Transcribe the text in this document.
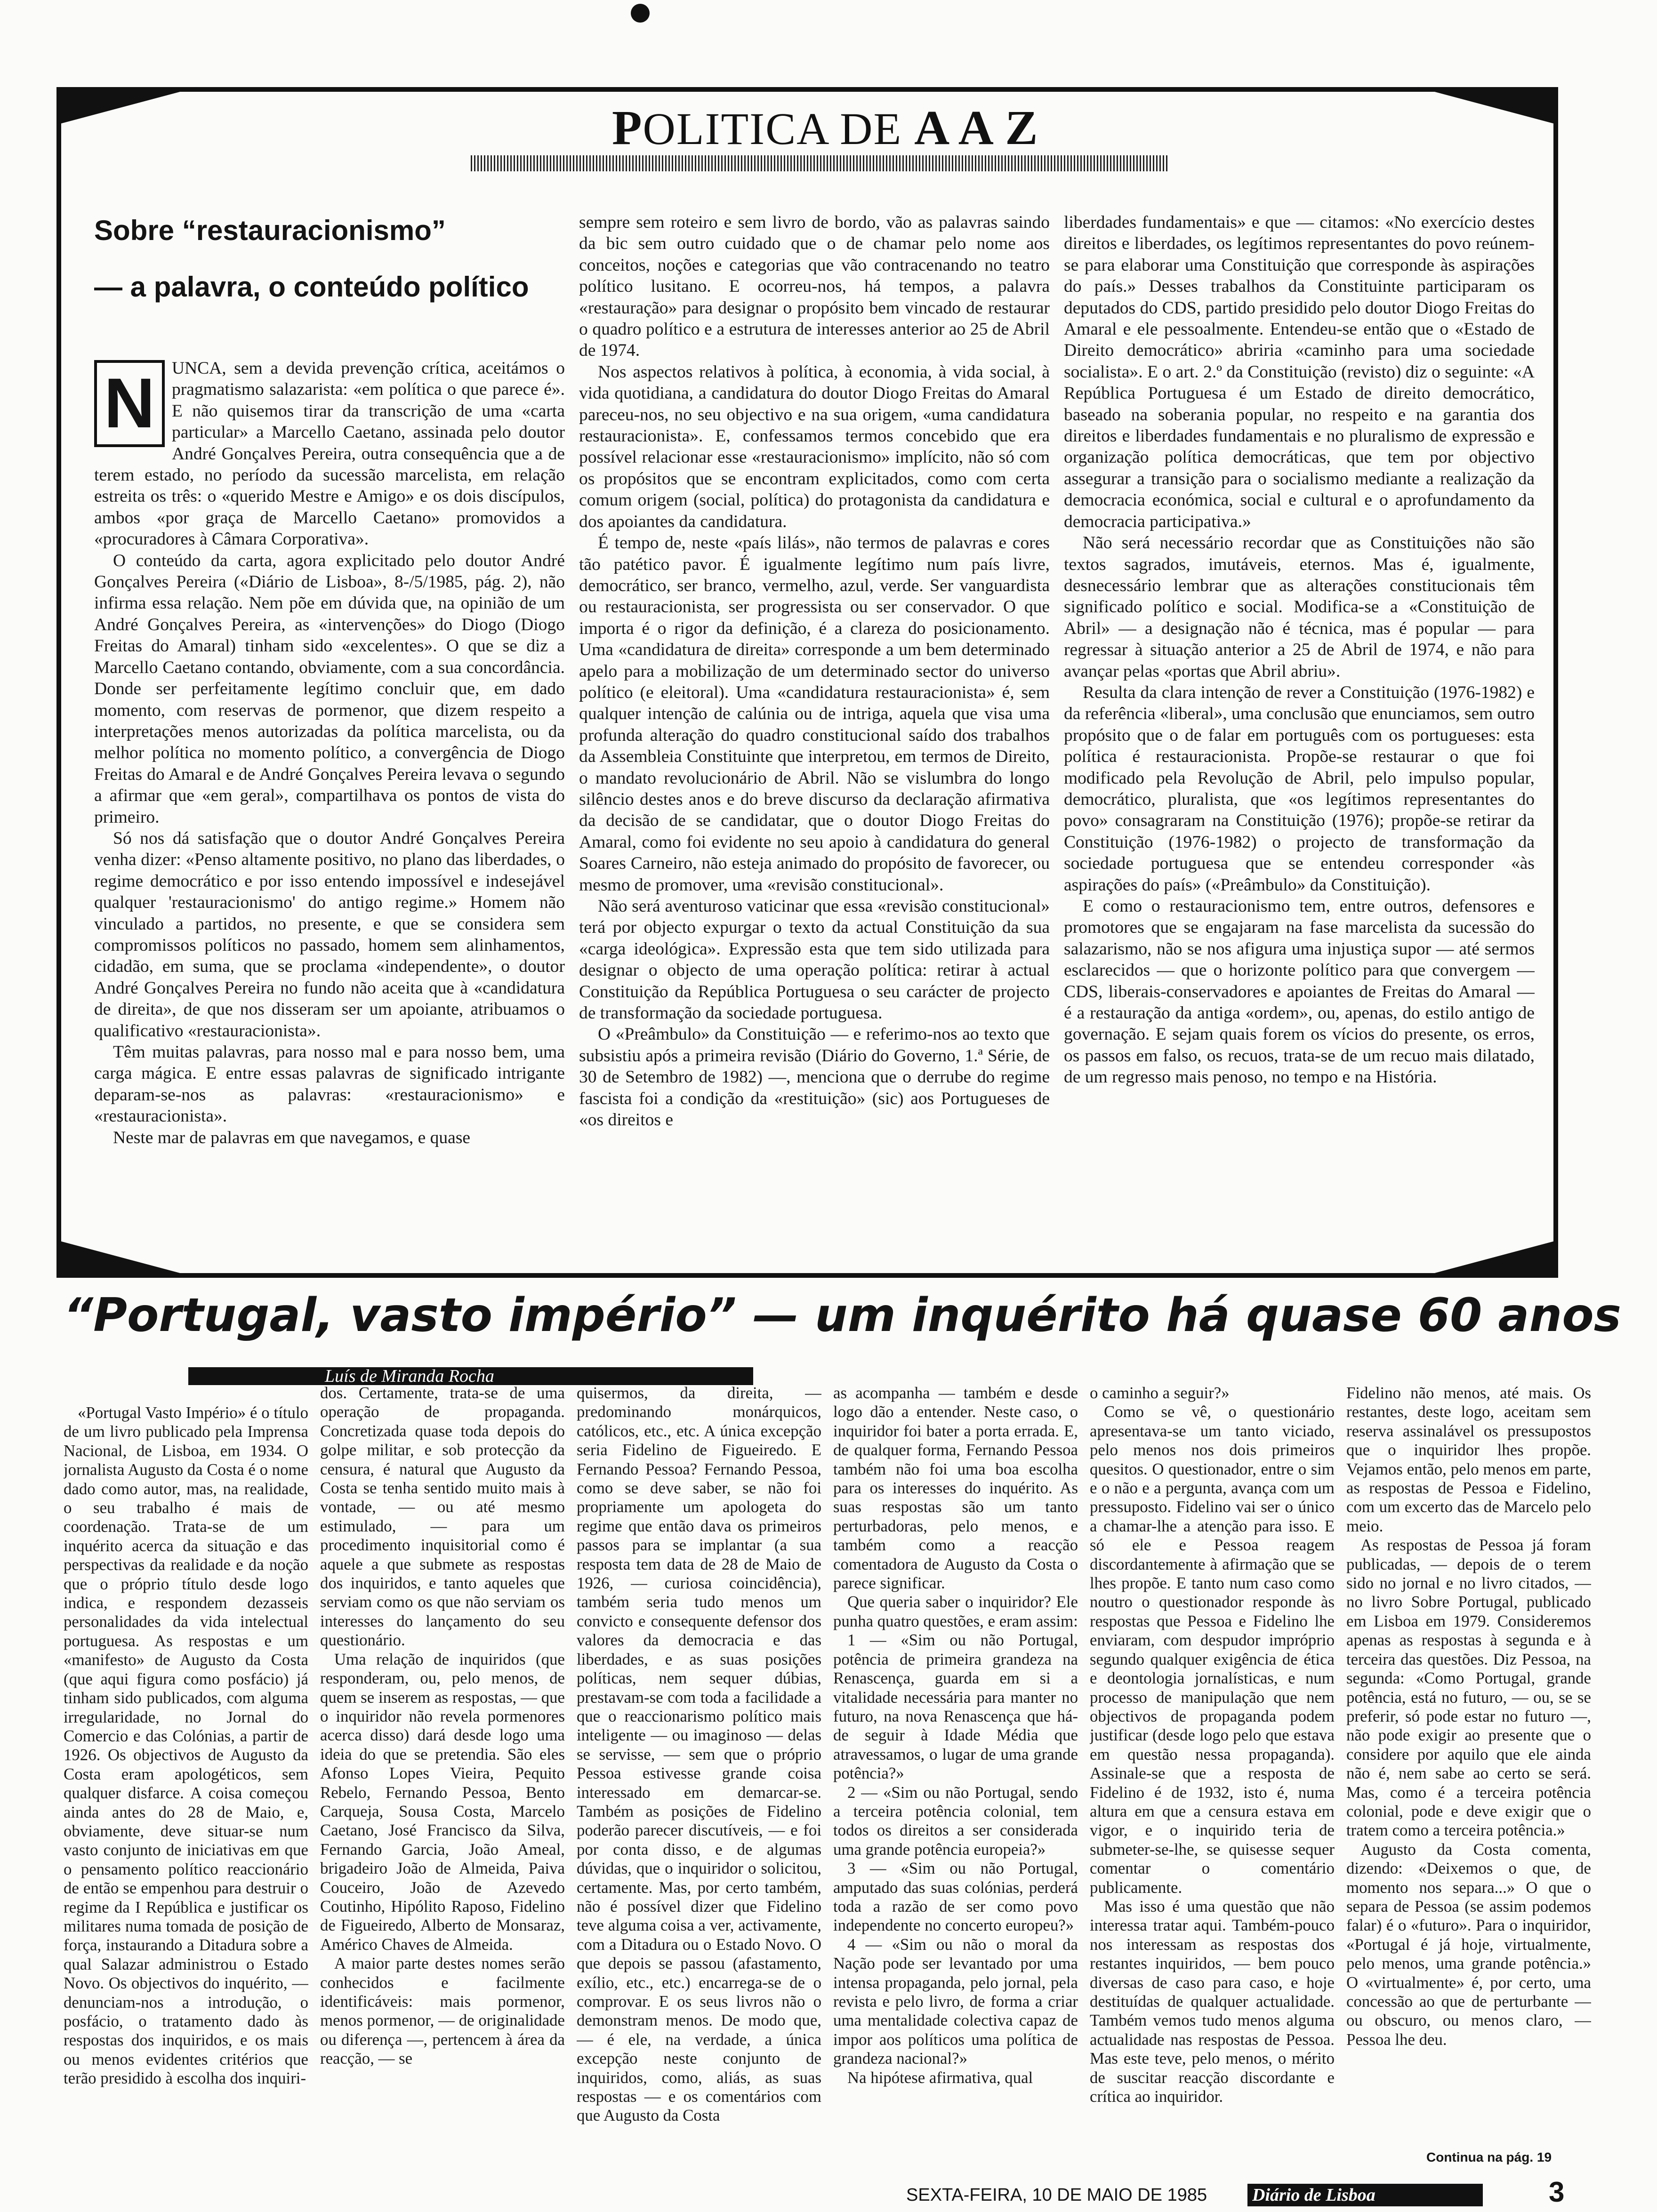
POLITICA DE A A Z
Sobre “restauracionismo”
— a palavra, o conteúdo político

UNCA, sem a devida prevenção crítica, aceitámos o pragmatismo salazarista: «em política o que parece é». E não quisemos tirar da transcrição de uma «carta particular» a Marcello Caetano, assinada pelo doutor André Gonçalves Pereira, outra consequência que a de terem estado, no período da sucessão marcelista, em relação estreita os três: o «querido Mestre e Amigo» e os dois discípulos, ambos «por graça de Marcello Caetano» promovidos a «procuradores à Câmara Corporativa».

O conteúdo da carta, agora explicitado pelo doutor André Gonçalves Pereira («Diário de Lisboa», 8-/5/1985, pág. 2), não infirma essa relação. Nem põe em dúvida que, na opinião de um André Gonçalves Pereira, as «intervenções» do Diogo (Diogo Freitas do Amaral) tinham sido «excelentes». O que se diz a Marcello Caetano contando, obviamente, com a sua concordância. Donde ser perfeitamente legítimo concluir que, em dado momento, com reservas de pormenor, que dizem respeito a interpretações menos autorizadas da política marcelista, ou da melhor política no momento político, a convergência de Diogo Freitas do Amaral e de André Gonçalves Pereira levava o segundo a afirmar que «em geral», compartilhava os pontos de vista do primeiro.

Só nos dá satisfação que o doutor André Gonçalves Pereira venha dizer: «Penso altamente positivo, no plano das liberdades, o regime democrático e por isso entendo impossível e indesejável qualquer 'restauracionismo' do antigo regime.» Homem não vinculado a partidos, no presente, e que se considera sem compromissos políticos no passado, homem sem alinhamentos, cidadão, em suma, que se proclama «independente», o doutor André Gonçalves Pereira no fundo não aceita que à «candidatura de direita», de que nos disseram ser um apoiante, atribuamos o qualificativo «restauracionista».

Têm muitas palavras, para nosso mal e para nosso bem, uma carga mágica. E entre essas palavras de significado intrigante deparam-se-nos as palavras: «restauracionismo» e «restauracionista».

Neste mar de palavras em que navegamos, e quase

N

sempre sem roteiro e sem livro de bordo, vão as palavras saindo da bic sem outro cuidado que o de chamar pelo nome aos conceitos, noções e categorias que vão contracenando no teatro político lusitano. E ocorreu-nos, há tempos, a palavra «restauração» para designar o propósito bem vincado de restaurar o quadro político e a estrutura de interesses anterior ao 25 de Abril de 1974.

Nos aspectos relativos à política, à economia, à vida social, à vida quotidiana, a candidatura do doutor Diogo Freitas do Amaral pareceu-nos, no seu objectivo e na sua origem, «uma candidatura restauracionista». E, confessamos termos concebido que era possível relacionar esse «restauracionismo» implícito, não só com os propósitos que se encontram explicitados, como com certa comum origem (social, política) do protagonista da candidatura e dos apoiantes da candidatura.

É tempo de, neste «país lilás», não termos de palavras e cores tão patético pavor. É igualmente legítimo num país livre, democrático, ser branco, vermelho, azul, verde. Ser vanguardista ou restauracionista, ser progressista ou ser conservador. O que importa é o rigor da definição, é a clareza do posicionamento. Uma «candidatura de direita» corresponde a um bem determinado apelo para a mobilização de um determinado sector do universo político (e eleitoral). Uma «candidatura restauracionista» é, sem qualquer intenção de calúnia ou de intriga, aquela que visa uma profunda alteração do quadro constitucional saído dos trabalhos da Assembleia Constituinte que interpretou, em termos de Direito, o mandato revolucionário de Abril. Não se vislumbra do longo silêncio destes anos e do breve discurso da declaração afirmativa da decisão de se candidatar, que o doutor Diogo Freitas do Amaral, como foi evidente no seu apoio à candidatura do general Soares Carneiro, não esteja animado do propósito de favorecer, ou mesmo de promover, uma «revisão constitucional».

Não será aventuroso vaticinar que essa «revisão constitucional» terá por objecto expurgar o texto da actual Constituição da sua «carga ideológica». Expressão esta que tem sido utilizada para designar o objecto de uma operação política: retirar à actual Constituição da República Portuguesa o seu carácter de projecto de transformação da sociedade portuguesa.

O «Preâmbulo» da Constituição — e referimo-nos ao texto que subsistiu após a primeira revisão (Diário do Governo, 1.ª Série, de 30 de Setembro de 1982) —, menciona que o derrube do regime fascista foi a condição da «restituição» (sic) aos Portugueses de «os direitos e

liberdades fundamentais» e que — citamos: «No exercício destes direitos e liberdades, os legítimos representantes do povo reúnem-se para elaborar uma Constituição que corresponde às aspirações do país.» Desses trabalhos da Constituinte participaram os deputados do CDS, partido presidido pelo doutor Diogo Freitas do Amaral e ele pessoalmente. Entendeu-se então que o «Estado de Direito democrático» abriria «caminho para uma sociedade socialista». E o art. 2.º da Constituição (revisto) diz o seguinte: «A República Portuguesa é um Estado de direito democrático, baseado na soberania popular, no respeito e na garantia dos direitos e liberdades fundamentais e no pluralismo de expressão e organização política democráticas, que tem por objectivo assegurar a transição para o socialismo mediante a realização da democracia económica, social e cultural e o aprofundamento da democracia participativa.»

Não será necessário recordar que as Constituições não são textos sagrados, imutáveis, eternos. Mas é, igualmente, desnecessário lembrar que as alterações constitucionais têm significado político e social. Modifica-se a «Constituição de Abril» — a designação não é técnica, mas é popular — para regressar à situação anterior a 25 de Abril de 1974, e não para avançar pelas «portas que Abril abriu».

Resulta da clara intenção de rever a Constituição (1976-1982) e da referência «liberal», uma conclusão que enunciamos, sem outro propósito que o de falar em português com os portugueses: esta política é restauracionista. Propõe-se restaurar o que foi modificado pela Revolução de Abril, pelo impulso popular, democrático, pluralista, que «os legítimos representantes do povo» consagraram na Constituição (1976); propõe-se retirar da Constituição (1976-1982) o projecto de transformação da sociedade portuguesa que se entendeu corresponder «às aspirações do país» («Preâmbulo» da Constituição).

E como o restauracionismo tem, entre outros, defensores e promotores que se engajaram na fase marcelista da sucessão do salazarismo, não se nos afigura uma injustiça supor — até sermos esclarecidos — que o horizonte político para que convergem — CDS, liberais-conservadores e apoiantes de Freitas do Amaral — é a restauração da antiga «ordem», ou, apenas, do estilo antigo de governação. E sejam quais forem os vícios do presente, os erros, os passos em falso, os recuos, trata-se de um recuo mais dilatado, de um regresso mais penoso, no tempo e na História.

“Portugal, vasto império” — um inquérito há quase 60 anos
Luís de Miranda Rocha

«Portugal Vasto Império» é o título de um livro publicado pela Imprensa Nacional, de Lisboa, em 1934. O jornalista Augusto da Costa é o nome dado como autor, mas, na realidade, o seu trabalho é mais de coordenação. Trata-se de um inquérito acerca da situação e das perspectivas da realidade e da noção que o próprio título desde logo indica, e respondem dezasseis personalidades da vida intelectual portuguesa. As respostas e um «manifesto» de Augusto da Costa (que aqui figura como posfácio) já tinham sido publicados, com alguma irregularidade, no Jornal do Comercio e das Colónias, a partir de 1926. Os objectivos de Augusto da Costa eram apologéticos, sem qualquer disfarce. A coisa começou ainda antes do 28 de Maio, e, obviamente, deve situar-se num vasto conjunto de iniciativas em que o pensamento político reaccionário de então se empenhou para destruir o regime da I República e justificar os militares numa tomada de posição de força, instaurando a Ditadura sobre a qual Salazar administrou o Estado Novo. Os objectivos do inquérito, — denunciam-nos a introdução, o posfácio, o tratamento dado às respostas dos inquiridos, e os mais ou menos evidentes critérios que terão presidido à escolha dos inquiri-

dos. Certamente, trata-se de uma operação de propaganda. Concretizada quase toda depois do golpe militar, e sob protecção da censura, é natural que Augusto da Costa se tenha sentido muito mais à vontade, — ou até mesmo estimulado, — para um procedimento inquisitorial como é aquele a que submete as respostas dos inquiridos, e tanto aqueles que serviam como os que não serviam os interesses do lançamento do seu questionário.

Uma relação de inquiridos (que responderam, ou, pelo menos, de quem se inserem as respostas, — que o inquiridor não revela pormenores acerca disso) dará desde logo uma ideia do que se pretendia. São eles Afonso Lopes Vieira, Pequito Rebelo, Fernando Pessoa, Bento Carqueja, Sousa Costa, Marcelo Caetano, José Francisco da Silva, Fernando Garcia, João Ameal, brigadeiro João de Almeida, Paiva Couceiro, João de Azevedo Coutinho, Hipólito Raposo, Fidelino de Figueiredo, Alberto de Monsaraz, Américo Chaves de Almeida.

A maior parte destes nomes serão conhecidos e facilmente identificáveis: mais pormenor, menos pormenor, — de originalidade ou diferença —, pertencem à área da reacção, — se

quisermos, da direita, — predominando monárquicos, católicos, etc., etc. A única excepção seria Fidelino de Figueiredo. E Fernando Pessoa? Fernando Pessoa, como se deve saber, se não foi propriamente um apologeta do regime que então dava os primeiros passos para se implantar (a sua resposta tem data de 28 de Maio de 1926, — curiosa coincidência), também seria tudo menos um convicto e consequente defensor dos valores da democracia e das liberdades, e as suas posições políticas, nem sequer dúbias, prestavam-se com toda a facilidade a que o reaccionarismo político mais inteligente — ou imaginoso — delas se servisse, — sem que o próprio Pessoa estivesse grande coisa interessado em demarcar-se. Também as posições de Fidelino poderão parecer discutíveis, — e foi por conta disso, e de algumas dúvidas, que o inquiridor o solicitou, certamente. Mas, por certo também, não é possível dizer que Fidelino teve alguma coisa a ver, activamente, com a Ditadura ou o Estado Novo. O que depois se passou (afastamento, exílio, etc., etc.) encarrega-se de o comprovar. E os seus livros não o demonstram menos. De modo que, — é ele, na verdade, a única excepção neste conjunto de inquiridos, como, aliás, as suas respostas — e os comentários com que Augusto da Costa

as acompanha — também e desde logo dão a entender. Neste caso, o inquiridor foi bater a porta errada. E, de qualquer forma, Fernando Pessoa também não foi uma boa escolha para os interesses do inquérito. As suas respostas são um tanto perturbadoras, pelo menos, e também como a reacção comentadora de Augusto da Costa o parece significar.

Que queria saber o inquiridor? Ele punha quatro questões, e eram assim:

1 — «Sim ou não Portugal, potência de primeira grandeza na Renascença, guarda em si a vitalidade necessária para manter no futuro, na nova Renascença que há-de seguir à Idade Média que atravessamos, o lugar de uma grande potência?»

2 — «Sim ou não Portugal, sendo a terceira potência colonial, tem todos os direitos a ser considerada uma grande potência europeia?»

3 — «Sim ou não Portugal, amputado das suas colónias, perderá toda a razão de ser como povo independente no concerto europeu?»

4 — «Sim ou não o moral da Nação pode ser levantado por uma intensa propaganda, pelo jornal, pela revista e pelo livro, de forma a criar uma mentalidade colectiva capaz de impor aos políticos uma política de grandeza nacional?»

Na hipótese afirmativa, qual

o caminho a seguir?»

Como se vê, o questionário apresentava-se um tanto viciado, pelo menos nos dois primeiros quesitos. O questionador, entre o sim e o não e a pergunta, avança com um pressuposto. Fidelino vai ser o único a chamar-lhe a atenção para isso. E só ele e Pessoa reagem discordantemente à afirmação que se lhes propõe. E tanto num caso como noutro o questionador responde às respostas que Pessoa e Fidelino lhe enviaram, com despudor impróprio segundo qualquer exigência de ética e deontologia jornalísticas, e num processo de manipulação que nem objectivos de propaganda podem justificar (desde logo pelo que estava em questão nessa propaganda). Assinale-se que a resposta de Fidelino é de 1932, isto é, numa altura em que a censura estava em vigor, e o inquirido teria de submeter-se-lhe, se quisesse sequer comentar o comentário publicamente.

Mas isso é uma questão que não interessa tratar aqui. Também-pouco nos interessam as respostas dos restantes inquiridos, — bem pouco diversas de caso para caso, e hoje destituídas de qualquer actualidade. Também vemos tudo menos alguma actualidade nas respostas de Pessoa. Mas este teve, pelo menos, o mérito de suscitar reacção discordante e crítica ao inquiridor.

Fidelino não menos, até mais. Os restantes, deste logo, aceitam sem reserva assinalável os pressupostos que o inquiridor lhes propõe. Vejamos então, pelo menos em parte, as respostas de Pessoa e Fidelino, com um excerto das de Marcelo pelo meio.

As respostas de Pessoa já foram publicadas, — depois de o terem sido no jornal e no livro citados, — no livro Sobre Portugal, publicado em Lisboa em 1979. Consideremos apenas as respostas à segunda e à terceira das questões. Diz Pessoa, na segunda: «Como Portugal, grande potência, está no futuro, — ou, se se preferir, só pode estar no futuro —, não pode exigir ao presente que o considere por aquilo que ele ainda não é, nem sabe ao certo se será. Mas, como é a terceira potência colonial, pode e deve exigir que o tratem como a terceira potência.»

Augusto da Costa comenta, dizendo: «Deixemos o que, de momento nos separa...» O que o separa de Pessoa (se assim podemos falar) é o «futuro». Para o inquiridor, «Portugal é já hoje, virtualmente, pelo menos, uma grande potência.» O «virtualmente» é, por certo, uma concessão ao que de perturbante — ou obscuro, ou menos claro, — Pessoa lhe deu.

Continua na pág. 19
SEXTA-FEIRA, 10 DE MAIO DE 1985	Diário de Lisboa	3
